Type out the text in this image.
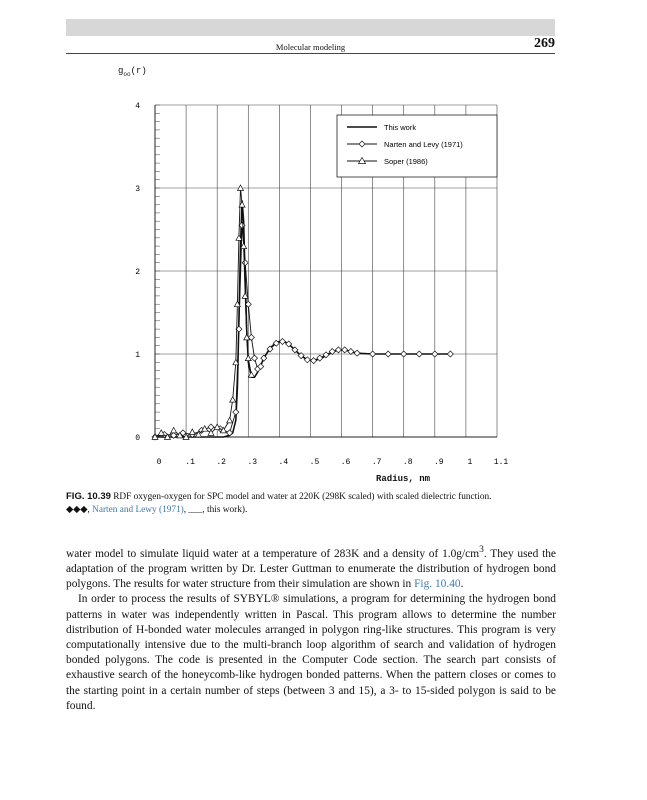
Molecular modeling	269
$g_{oo}(r)$
0
1
2
3
4
0	.1	.2	.3	.4	.5	.6	.7	.8	.9	1	1.1
This work
Narten and Levy (1971)
Soper (1986)
Radius, nm
FIG. 10.39 RDF oxygen-oxygen for SPC model and water at 220K (298K scaled) with scaled dielectric function.
◆◆◆, Narten and Lewy (1971), ___, this work).

water model to simulate liquid water at a temperature of 283K and a density of $1.0g/cm^3$. They used the adaptation of the program written by Dr. Lester Guttman to enumerate the distribution of hydrogen bond polygons. The results for water structure from their simulation are shown in Fig. 10.40.

In order to process the results of SYBYL® simulations, a program for determining the hydrogen bond patterns in water was independently written in Pascal. This program allows to determine the number distribution of H-bonded water molecules arranged in polygon ring-like structures. This program is very computationally intensive due to the multi-branch loop algorithm of search and validation of hydrogen bonded polygons. The code is presented in the Computer Code section. The search part consists of exhaustive search of the honeycomb-like hydrogen bonded patterns. When the pattern closes or comes to the starting point in a certain number of steps (between 3 and 15), a 3- to 15-sided polygon is said to be found.
